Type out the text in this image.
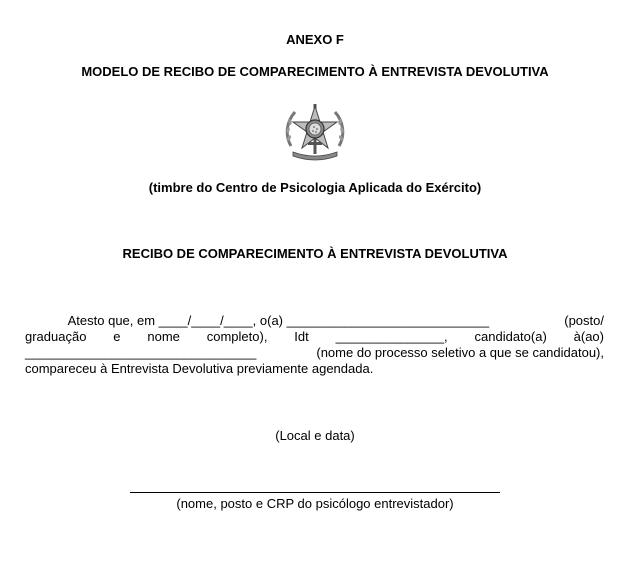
ANEXO F
MODELO DE RECIBO DE COMPARECIMENTO À ENTREVISTA DEVOLUTIVA
(timbre do Centro de Psicologia Aplicada do Exército)
RECIBO DE COMPARECIMENTO À ENTREVISTA DEVOLUTIVA
Atesto que, em ____/____/____, o(a) ____________________________	(posto/
graduação e nome completo), Idt _______________, candidato(a) à(ao)
________________________________	(nome do processo seletivo a que se candidatou),
compareceu à Entrevista Devolutiva previamente agendada.
(Local e data)
(nome, posto e CRP do psicólogo entrevistador)
